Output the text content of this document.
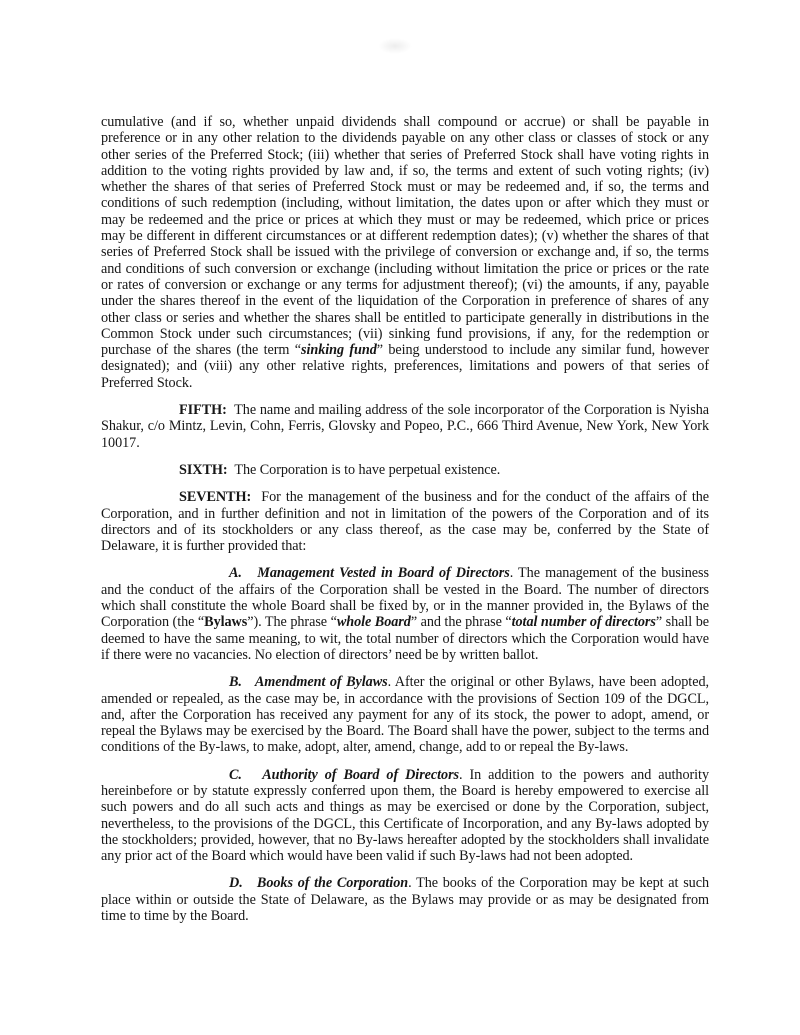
cumulative (and if so, whether unpaid dividends shall compound or accrue) or shall be payable in preference or in any other relation to the dividends payable on any other class or classes of stock or any other series of the Preferred Stock; (iii) whether that series of Preferred Stock shall have voting rights in addition to the voting rights provided by law and, if so, the terms and extent of such voting rights; (iv) whether the shares of that series of Preferred Stock must or may be redeemed and, if so, the terms and conditions of such redemption (including, without limitation, the dates upon or after which they must or may be redeemed and the price or prices at which they must or may be redeemed, which price or prices may be different in different circumstances or at different redemption dates); (v) whether the shares of that series of Preferred Stock shall be issued with the privilege of conversion or exchange and, if so, the terms and conditions of such conversion or exchange (including without limitation the price or prices or the rate or rates of conversion or exchange or any terms for adjustment thereof); (vi) the amounts, if any, payable under the shares thereof in the event of the liquidation of the Corporation in preference of shares of any other class or series and whether the shares shall be entitled to participate generally in distributions in the Common Stock under such circumstances; (vii) sinking fund provisions, if any, for the redemption or purchase of the shares (the term “sinking fund” being understood to include any similar fund, however designated); and (viii) any other relative rights, preferences, limitations and powers of that series of Preferred Stock.

FIFTH:  The name and mailing address of the sole incorporator of the Corporation is Nyisha Shakur, c/o Mintz, Levin, Cohn, Ferris, Glovsky and Popeo, P.C., 666 Third Avenue, New York, New York 10017.

SIXTH:  The Corporation is to have perpetual existence.

SEVENTH:  For the management of the business and for the conduct of the affairs of the Corporation, and in further definition and not in limitation of the powers of the Corporation and of its directors and of its stockholders or any class thereof, as the case may be, conferred by the State of Delaware, it is further provided that:

A.   Management Vested in Board of Directors. The management of the business and the conduct of the affairs of the Corporation shall be vested in the Board. The number of directors which shall constitute the whole Board shall be fixed by, or in the manner provided in, the Bylaws of the Corporation (the “Bylaws”). The phrase “whole Board” and the phrase “total number of directors” shall be deemed to have the same meaning, to wit, the total number of directors which the Corporation would have if there were no vacancies. No election of directors’ need be by written ballot.

B.   Amendment of Bylaws. After the original or other Bylaws, have been adopted, amended or repealed, as the case may be, in accordance with the provisions of Section 109 of the DGCL, and, after the Corporation has received any payment for any of its stock, the power to adopt, amend, or repeal the Bylaws may be exercised by the Board. The Board shall have the power, subject to the terms and conditions of the By-laws, to make, adopt, alter, amend, change, add to or repeal the By-laws.

C.   Authority of Board of Directors. In addition to the powers and authority hereinbefore or by statute expressly conferred upon them, the Board is hereby empowered to exercise all such powers and do all such acts and things as may be exercised or done by the Corporation, subject, nevertheless, to the provisions of the DGCL, this Certificate of Incorporation, and any By-laws adopted by the stockholders; provided, however, that no By-laws hereafter adopted by the stockholders shall invalidate any prior act of the Board which would have been valid if such By-laws had not been adopted.

D.   Books of the Corporation. The books of the Corporation may be kept at such place within or outside the State of Delaware, as the Bylaws may provide or as may be designated from time to time by the Board.
